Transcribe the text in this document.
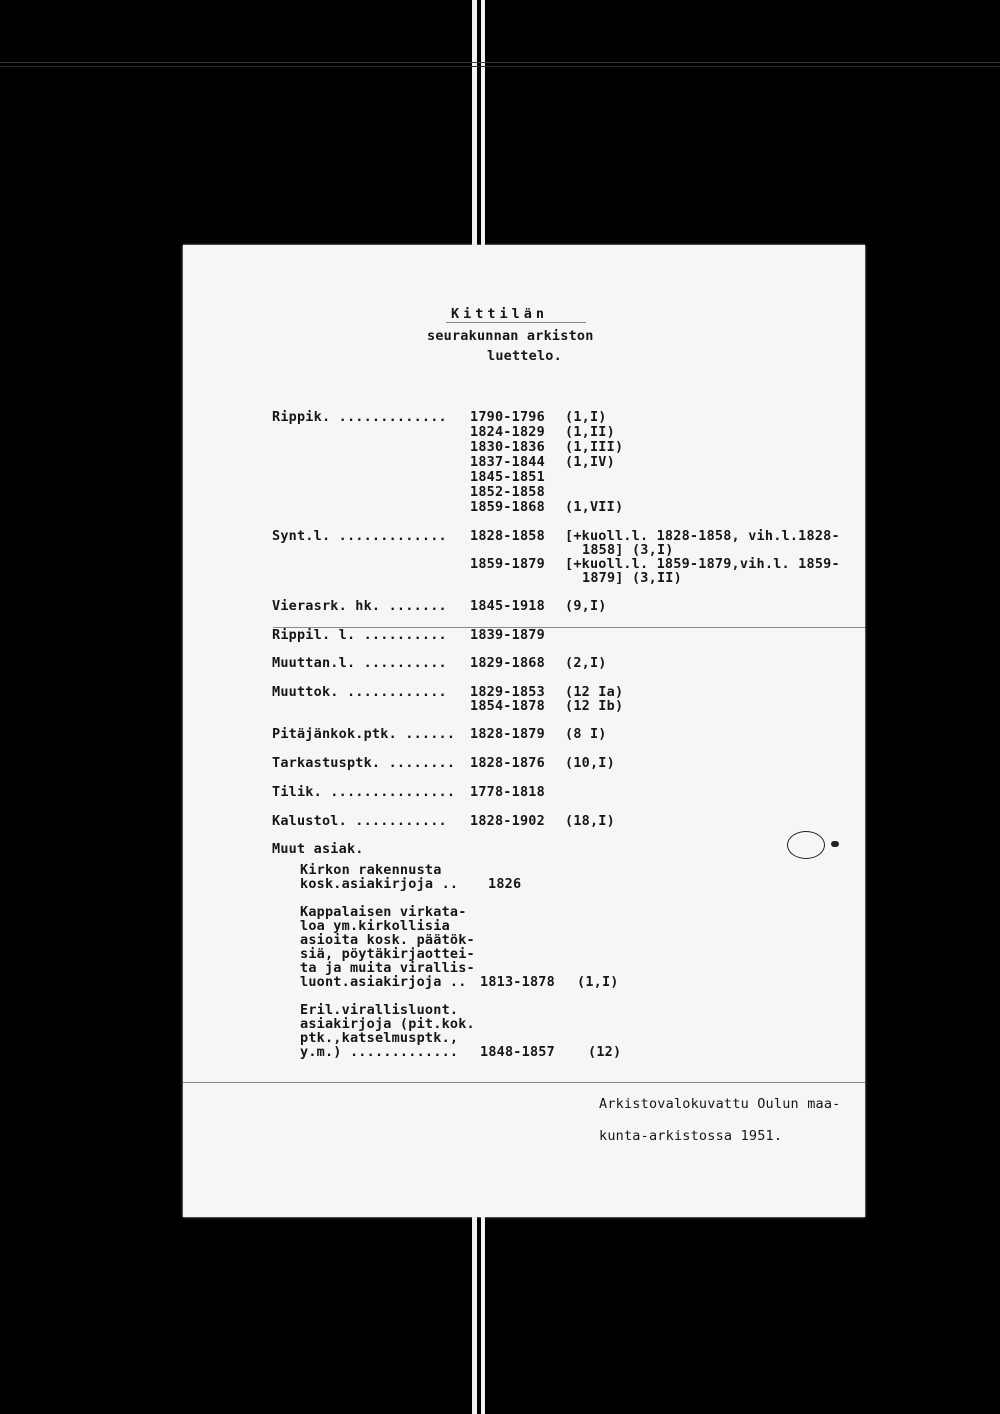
Kittilän
seurakunnan arkiston
luettelo.
Rippik. ............. 1790-1796 (1,I)
1824-1829 (1,II)
1830-1836 (1,III)
1837-1844 (1,IV)
1845-1851
1852-1858
1859-1868 (1,VII)
Synt.l. ............. 1828-1858 [+kuoll.l. 1828-1858, vih.l.1828-
1858] (3,I)
1859-1879 [+kuoll.l. 1859-1879,vih.l. 1859-
1879] (3,II)
Vierasrk. hk. ....... 1845-1918 (9,I)
Rippil. l. .......... 1839-1879
Muuttan.l. .......... 1829-1868 (2,I)
Muuttok. ............ 1829-1853 (12 Ia)
1854-1878 (12 Ib)
Pitäjänkok.ptk. ...... 1828-1879 (8 I)
Tarkastusptk. ........ 1828-1876 (10,I)
Tilik. ............... 1778-1818
Kalustol. ........... 1828-1902 (18,I)
Muut asiak.
Kirkon rakennusta
kosk.asiakirjoja .. 1826
Kappalaisen virkata-
loa ym.kirkollisia
asioita kosk. päätök-
siä, pöytäkirjaottei-
ta ja muita virallis-
luont.asiakirjoja .. 1813-1878 (1,I)
Eril.virallisluont.
asiakirjoja (pit.kok.
ptk.,katselmusptk.,
y.m.) ............. 1848-1857 (12)
Arkistovalokuvattu Oulun maa-
kunta-arkistossa 1951.
